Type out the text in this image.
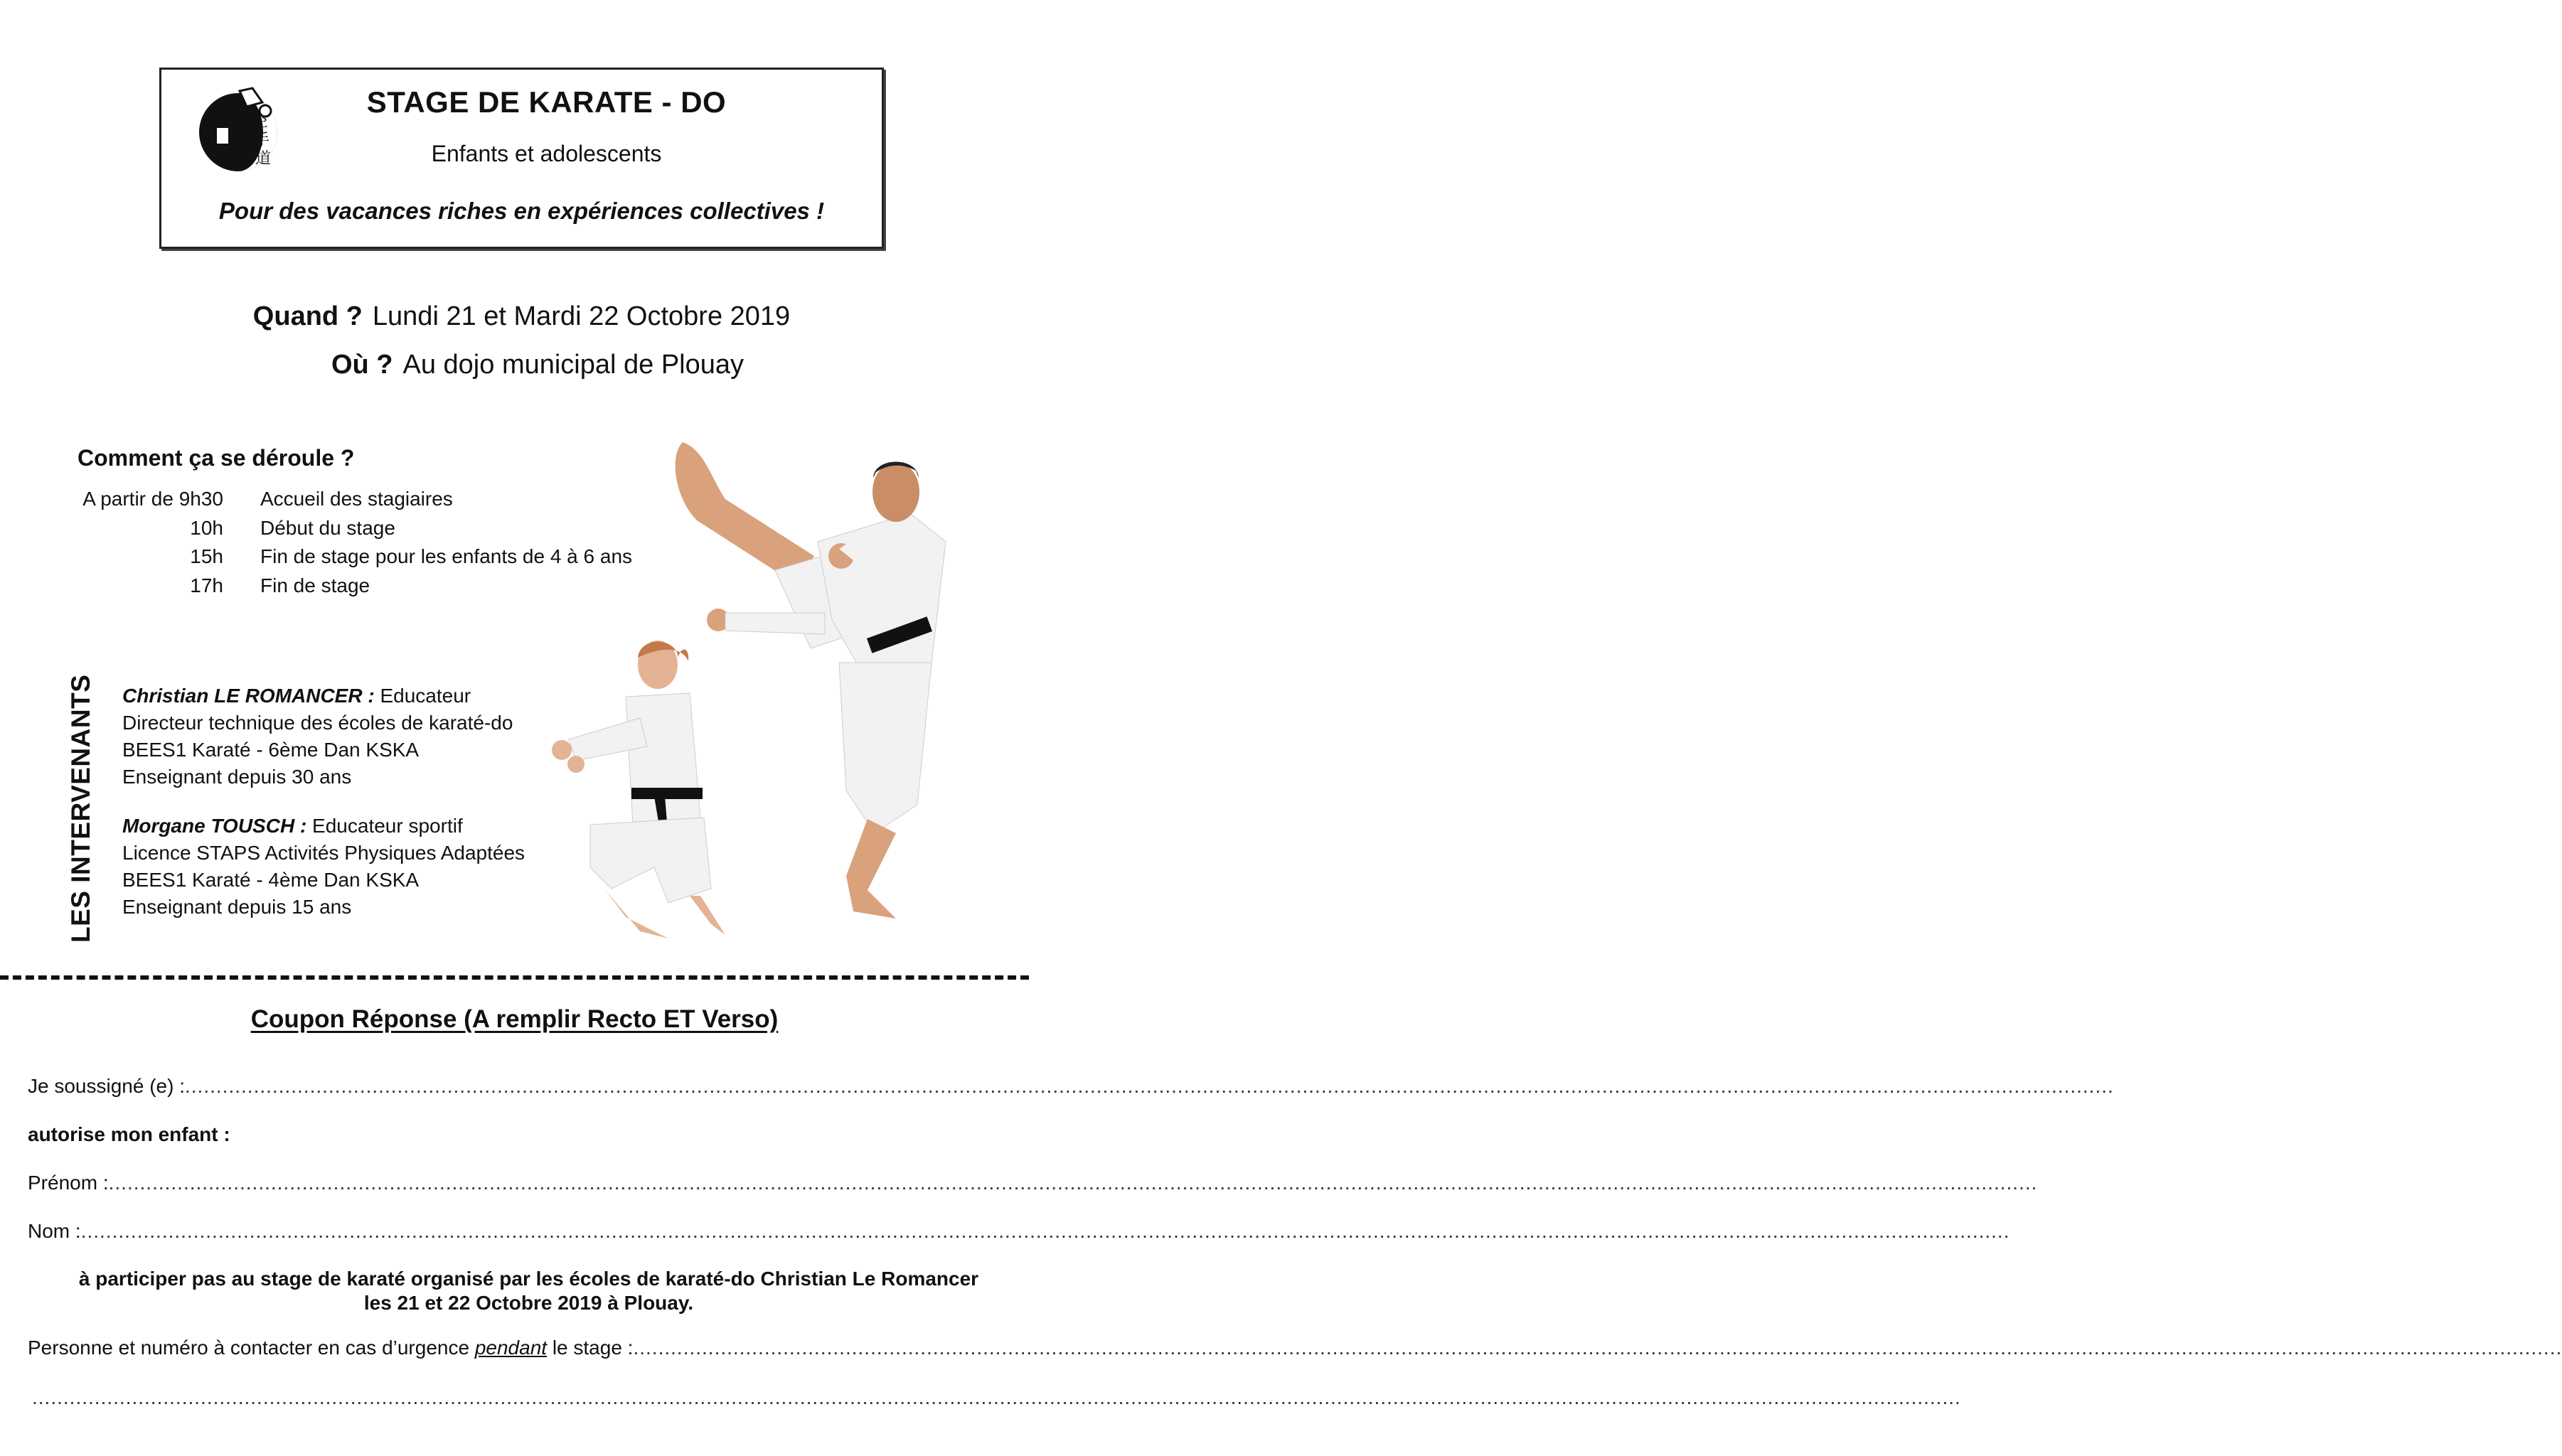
空
手
道
STAGE DE KARATE - DO
Enfants et adolescents
Pour des vacances riches en expériences collectives !
Quand ? Lundi 21 et Mardi 22 Octobre 2019
Où ? Au dojo municipal de Plouay
Comment ça se déroule ?
A partir de 9h30 Accueil des stagiaires
10h Début du stage
15h Fin de stage pour les enfants de 4 à 6 ans
17h Fin de stage
LES INTERVENANTS Christian LE ROMANCER : Educateur
Directeur technique des écoles de karaté-do
BEES1 Karaté - 6ème Dan KSKA
Enseignant depuis 30 ans
Morgane TOUSCH : Educateur sportif
Licence STAPS Activités Physiques Adaptées
BEES1 Karaté - 4ème Dan KSKA
Enseignant depuis 15 ans
Coupon Réponse (A remplir Recto ET Verso)
Je soussigné (e) : .....................................................................................................................................................................................................................................................................................................................
autorise mon enfant :
Prénom : .....................................................................................................................................................................................................................................................................................................................
Nom : .....................................................................................................................................................................................................................................................................................................................
à participer pas au stage de karaté organisé par les écoles de karaté-do Christian Le Romancer
les 21 et 22 Octobre 2019 à Plouay.
Personne et numéro à contacter en cas d’urgence pendant le stage : .....................................................................................................................................................................................................................................................................................................................
.....................................................................................................................................................................................................................................................................................................................
